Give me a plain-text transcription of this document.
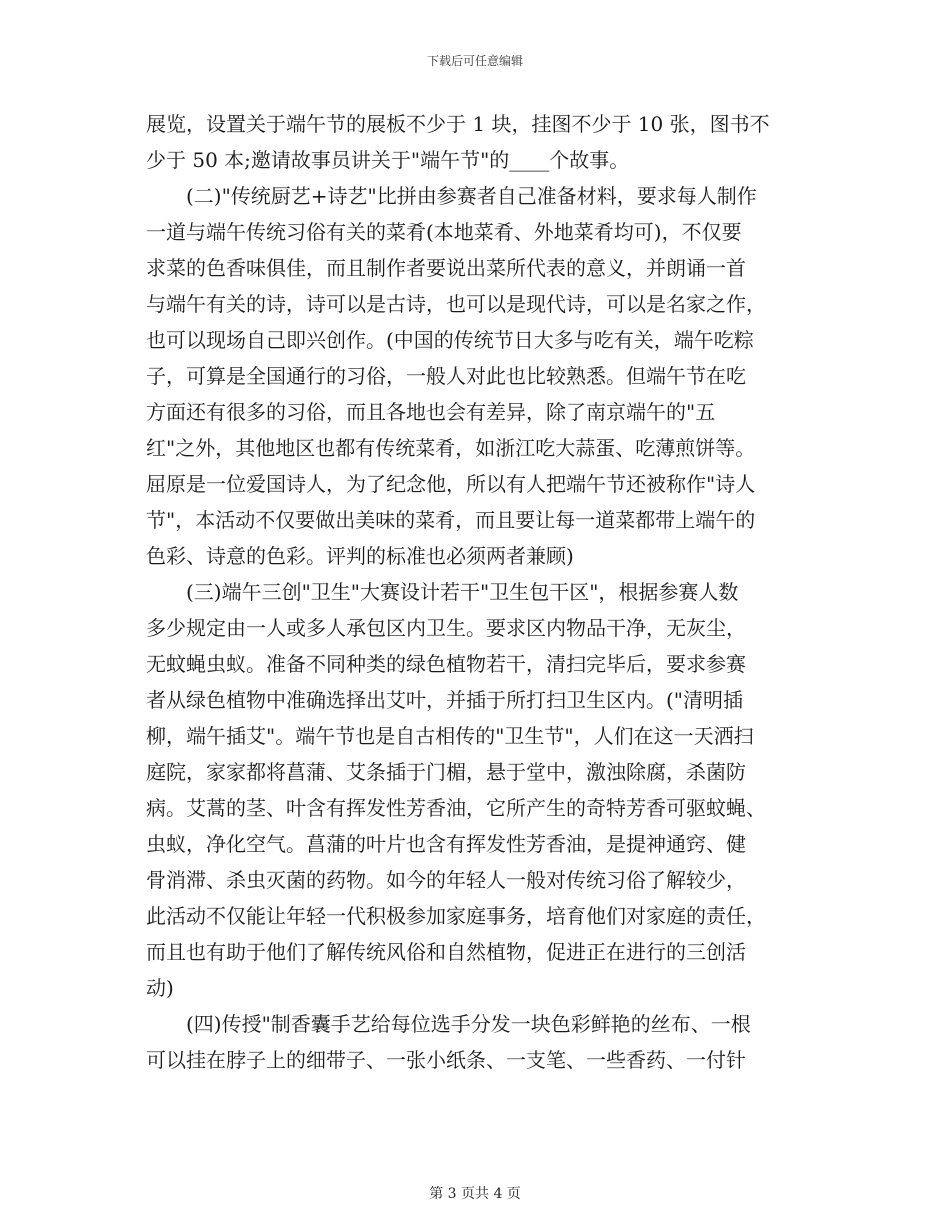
下载后可任意编辑
展览，设置关于端午节的展板不少于 1 块，挂图不少于 10 张，图书不
少于 50 本;邀请故事员讲关于"端午节"的____个故事。
(二)"传统厨艺+诗艺"比拼由参赛者自己准备材料，要求每人制作
一道与端午传统习俗有关的菜肴(本地菜肴、外地菜肴均可)，不仅要
求菜的色香味俱佳，而且制作者要说出菜所代表的意义，并朗诵一首
与端午有关的诗，诗可以是古诗，也可以是现代诗，可以是名家之作，
也可以现场自己即兴创作。(中国的传统节日大多与吃有关，端午吃粽
子，可算是全国通行的习俗，一般人对此也比较熟悉。但端午节在吃
方面还有很多的习俗，而且各地也会有差异，除了南京端午的"五
红"之外，其他地区也都有传统菜肴，如浙江吃大蒜蛋、吃薄煎饼等。
屈原是一位爱国诗人，为了纪念他，所以有人把端午节还被称作"诗人
节"，本活动不仅要做出美味的菜肴，而且要让每一道菜都带上端午的
色彩、诗意的色彩。评判的标准也必须两者兼顾)
(三)端午三创"卫生"大赛设计若干"卫生包干区"，根据参赛人数
多少规定由一人或多人承包区内卫生。要求区内物品干净，无灰尘，
无蚊蝇虫蚁。准备不同种类的绿色植物若干，清扫完毕后，要求参赛
者从绿色植物中准确选择出艾叶，并插于所打扫卫生区内。("清明插
柳，端午插艾"。端午节也是自古相传的"卫生节"，人们在这一天洒扫
庭院，家家都将菖蒲、艾条插于门楣，悬于堂中，激浊除腐，杀菌防
病。艾蒿的茎、叶含有挥发性芳香油，它所产生的奇特芳香可驱蚊蝇、
虫蚁，净化空气。菖蒲的叶片也含有挥发性芳香油，是提神通窍、健
骨消滞、杀虫灭菌的药物。如今的年轻人一般对传统习俗了解较少，
此活动不仅能让年轻一代积极参加家庭事务，培育他们对家庭的责任，
而且也有助于他们了解传统风俗和自然植物，促进正在进行的三创活
动)
(四)传授"制香囊手艺给每位选手分发一块色彩鲜艳的丝布、一根
可以挂在脖子上的细带子、一张小纸条、一支笔、一些香药、一付针
第 3 页共 4 页
